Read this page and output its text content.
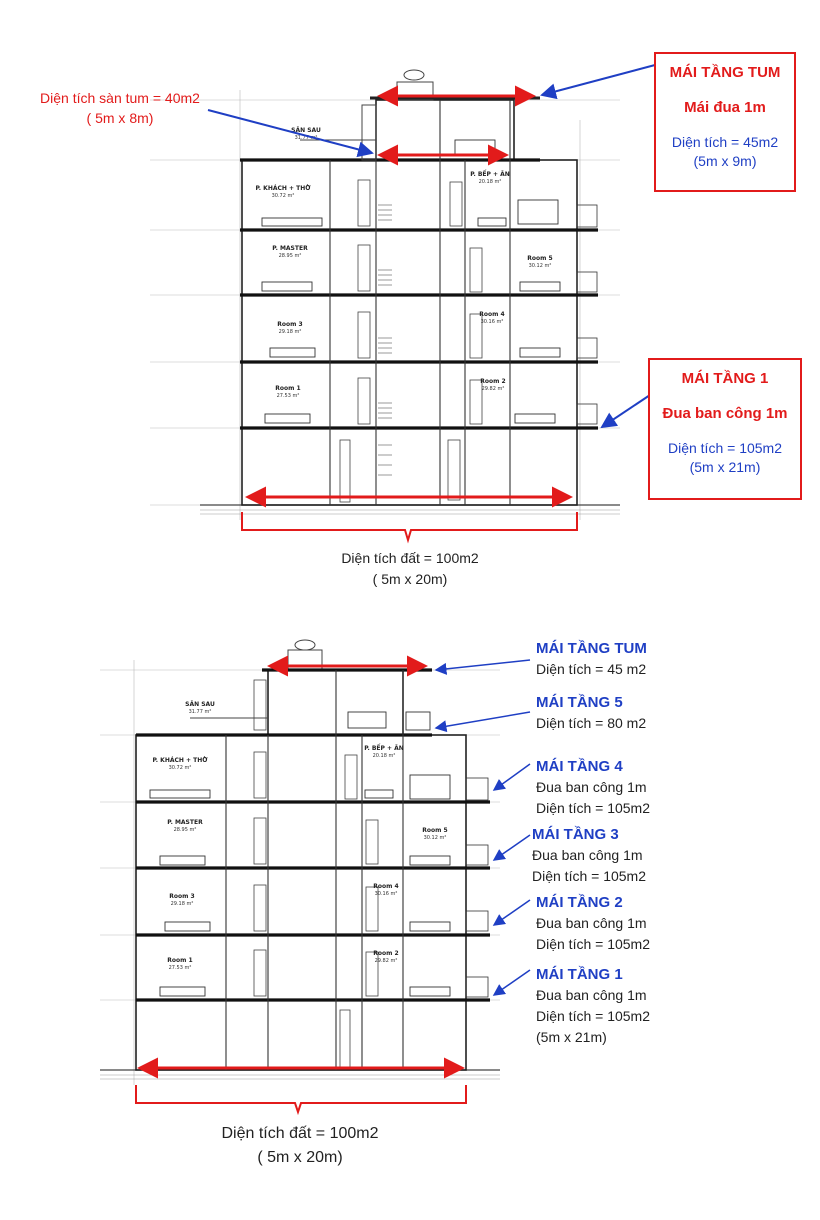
P. KHÁCH + THỜ
30.72 m²
P. BẾP + ĂN
20.18 m²
P. MASTER
28.95 m²	Room 5
30.12 m²
Room 3
29.18 m²
Room 4
30.16 m²
Room 1
27.53 m²
Room 2
29.82 m²
SÂN SAU
31.77 m²
P. KHÁCH + THỜ
30.72 m²
P. BẾP + ĂN
20.18 m²
P. MASTER
28.95 m²	Room 5
30.12 m²
Room 3
29.18 m²
Room 4
30.16 m²
Room 1
27.53 m²
Room 2
29.82 m²
SÂN SAU
31.77 m²
Diện tích sàn tum = 40m2
( 5m x 8m)
MÁI TẦNG TUM
Mái đua 1m
Diện tích = 45m2
(5m x 9m)
MÁI TẦNG 1
Đua ban công 1m
Diện tích = 105m2
(5m x 21m)
Diện tích đất = 100m2
( 5m x 20m)
MÁI TẦNG TUM
Diện tích = 45 m2
MÁI TẦNG 5
Diện tích = 80 m2
MÁI TẦNG 4
Đua ban công 1m
Diện tích = 105m2
MÁI TẦNG 3
Đua ban công 1m
Diện tích = 105m2
MÁI TẦNG 2
Đua ban công 1m
Diện tích = 105m2
MÁI TẦNG 1
Đua ban công 1m
Diện tích = 105m2
(5m x 21m)
Diện tích đất = 100m2
( 5m x 20m)
